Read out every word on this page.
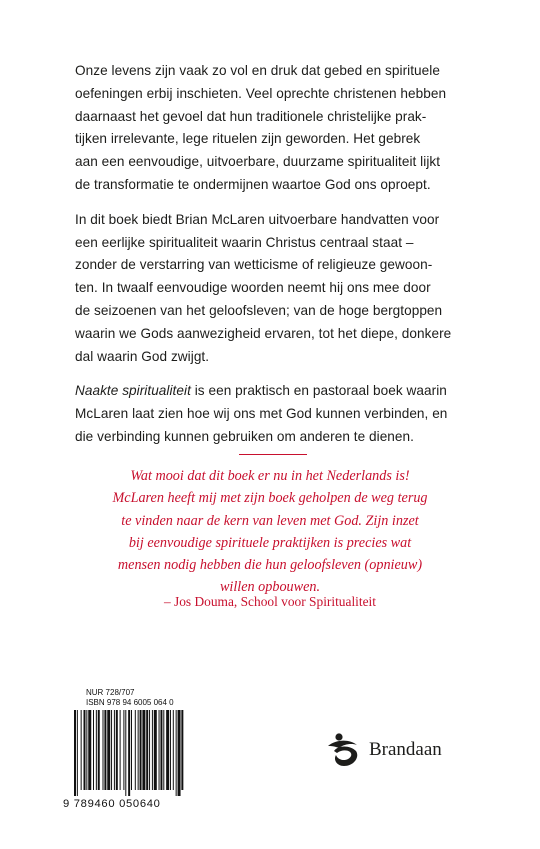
Onze levens zijn vaak zo vol en druk dat gebed en spirituele
oefeningen erbij inschieten. Veel oprechte christenen hebben
daarnaast het gevoel dat hun traditionele christelijke prak-
tijken irrelevante, lege rituelen zijn geworden. Het gebrek
aan een eenvoudige, uitvoerbare, duurzame spiritualiteit lijkt
de transformatie te ondermijnen waartoe God ons oproept.

In dit boek biedt Brian McLaren uitvoerbare handvatten voor
een eerlijke spiritualiteit waarin Christus centraal staat –
zonder de verstarring van wetticisme of religieuze gewoon-
ten. In twaalf eenvoudige woorden neemt hij ons mee door
de seizoenen van het geloofsleven; van de hoge bergtoppen
waarin we Gods aanwezigheid ervaren, tot het diepe, donkere
dal waarin God zwijgt.

Naakte spiritualiteit is een praktisch en pastoraal boek waarin
McLaren laat zien hoe wij ons met God kunnen verbinden, en
die verbinding kunnen gebruiken om anderen te dienen.

Wat mooi dat dit boek er nu in het Nederlands is!
McLaren heeft mij met zijn boek geholpen de weg terug
te vinden naar de kern van leven met God. Zijn inzet
bij eenvoudige spirituele praktijken is precies wat
mensen nodig hebben die hun geloofsleven (opnieuw)
willen opbouwen.
– Jos Douma, School voor Spiritualiteit
NUR 728/707
ISBN 978 94 6005 064 0
9 789460 050640
Brandaan
